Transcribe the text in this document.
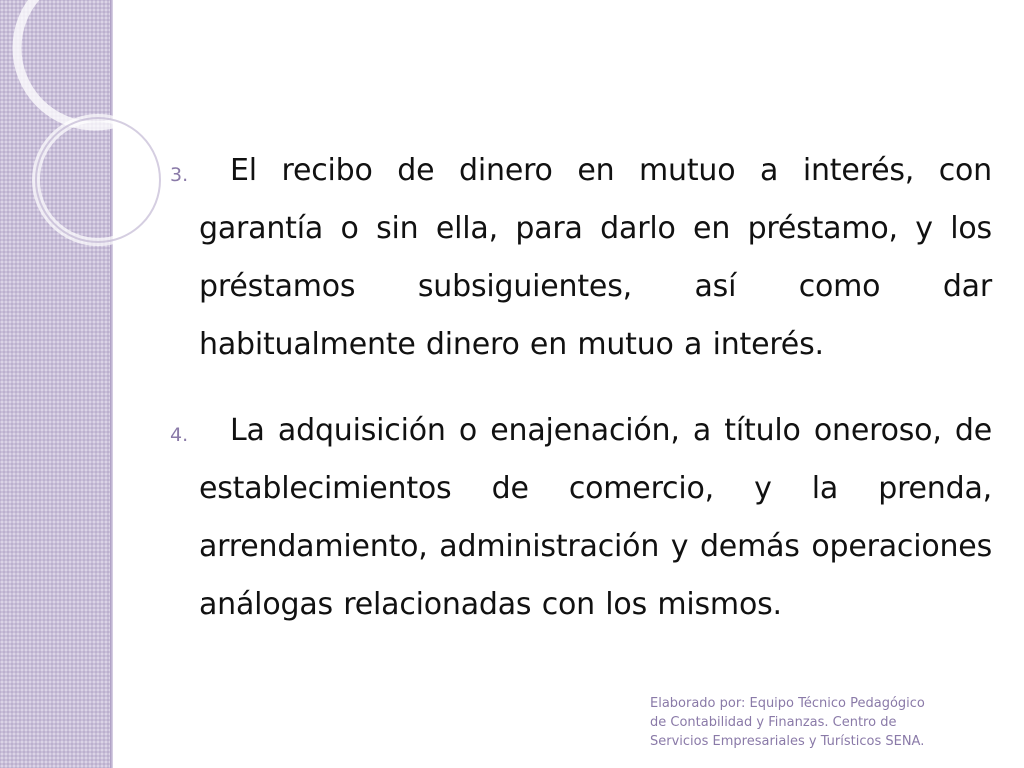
3.	El recibo de dinero en mutuo a interés, con garantía o sin ella, para darlo en préstamo, y los préstamos subsiguientes, así como dar habitualmente dinero en mutuo a interés.
4.	La adquisición o enajenación, a título oneroso, de establecimientos de comercio, y la prenda, arrendamiento, administración y demás operaciones análogas relacionadas con los mismos.
Elaborado por: Equipo Técnico Pedagógico
de Contabilidad y Finanzas. Centro de
Servicios Empresariales y Turísticos SENA.
